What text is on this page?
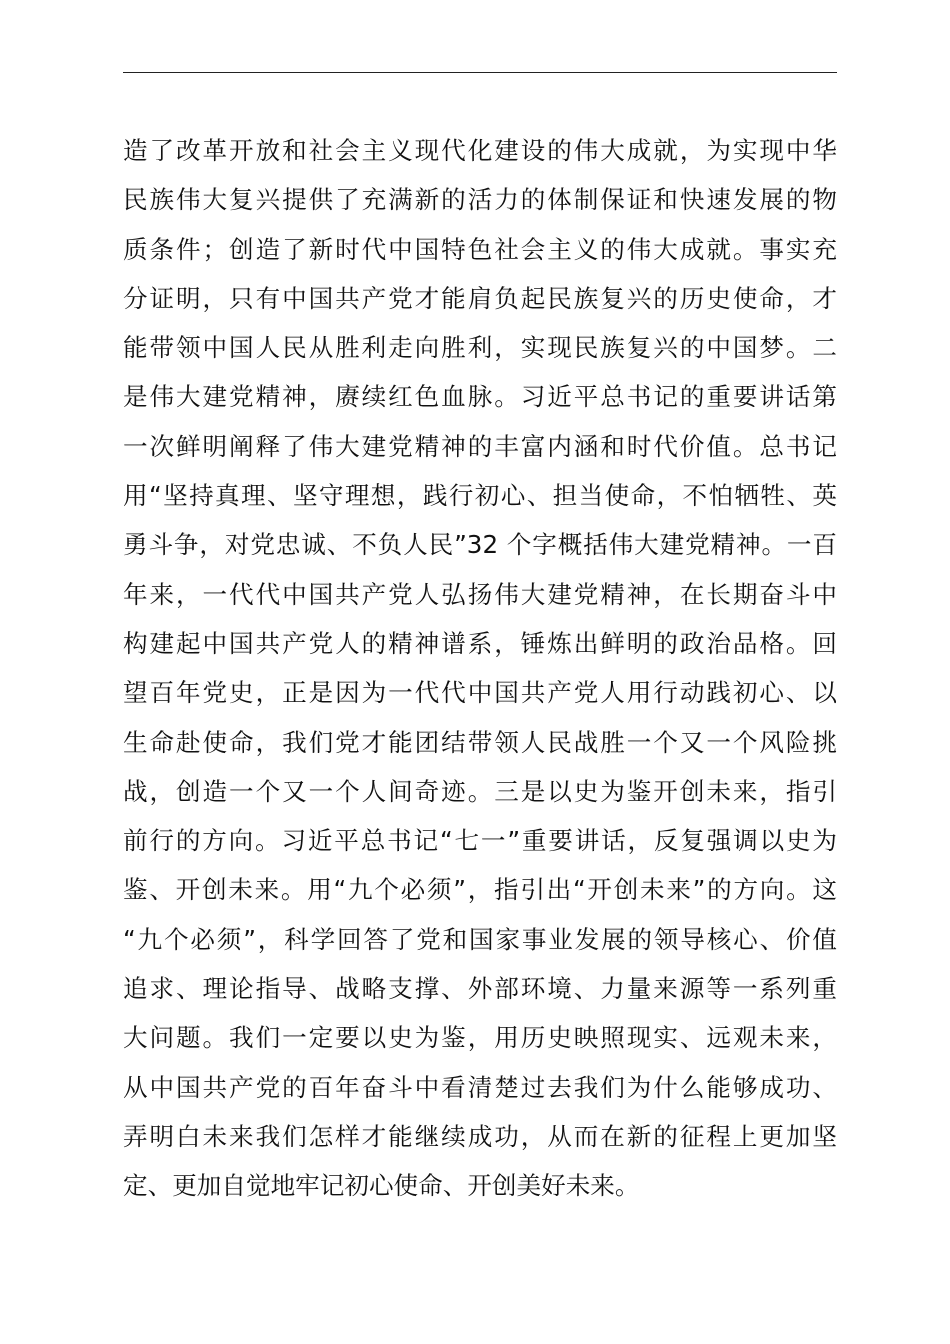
造了改革开放和社会主义现代化建设的伟大成就，为实现中华
民族伟大复兴提供了充满新的活力的体制保证和快速发展的物
质条件；创造了新时代中国特色社会主义的伟大成就。事实充
分证明，只有中国共产党才能肩负起民族复兴的历史使命，才
能带领中国人民从胜利走向胜利，实现民族复兴的中国梦。二
是伟大建党精神，赓续红色血脉。习近平总书记的重要讲话第
一次鲜明阐释了伟大建党精神的丰富内涵和时代价值。总书记
用“坚持真理、坚守理想，践行初心、担当使命，不怕牺牲、英
勇斗争，对党忠诚、不负人民”32 个字概括伟大建党精神。一百
年来，一代代中国共产党人弘扬伟大建党精神，在长期奋斗中
构建起中国共产党人的精神谱系，锤炼出鲜明的政治品格。回
望百年党史，正是因为一代代中国共产党人用行动践初心、以
生命赴使命，我们党才能团结带领人民战胜一个又一个风险挑
战，创造一个又一个人间奇迹。三是以史为鉴开创未来，指引
前行的方向。习近平总书记“七一”重要讲话，反复强调以史为
鉴、开创未来。用“九个必须”，指引出“开创未来”的方向。这
“九个必须”，科学回答了党和国家事业发展的领导核心、价值
追求、理论指导、战略支撑、外部环境、力量来源等一系列重
大问题。我们一定要以史为鉴，用历史映照现实、远观未来，
从中国共产党的百年奋斗中看清楚过去我们为什么能够成功、
弄明白未来我们怎样才能继续成功，从而在新的征程上更加坚
定、更加自觉地牢记初心使命、开创美好未来。
